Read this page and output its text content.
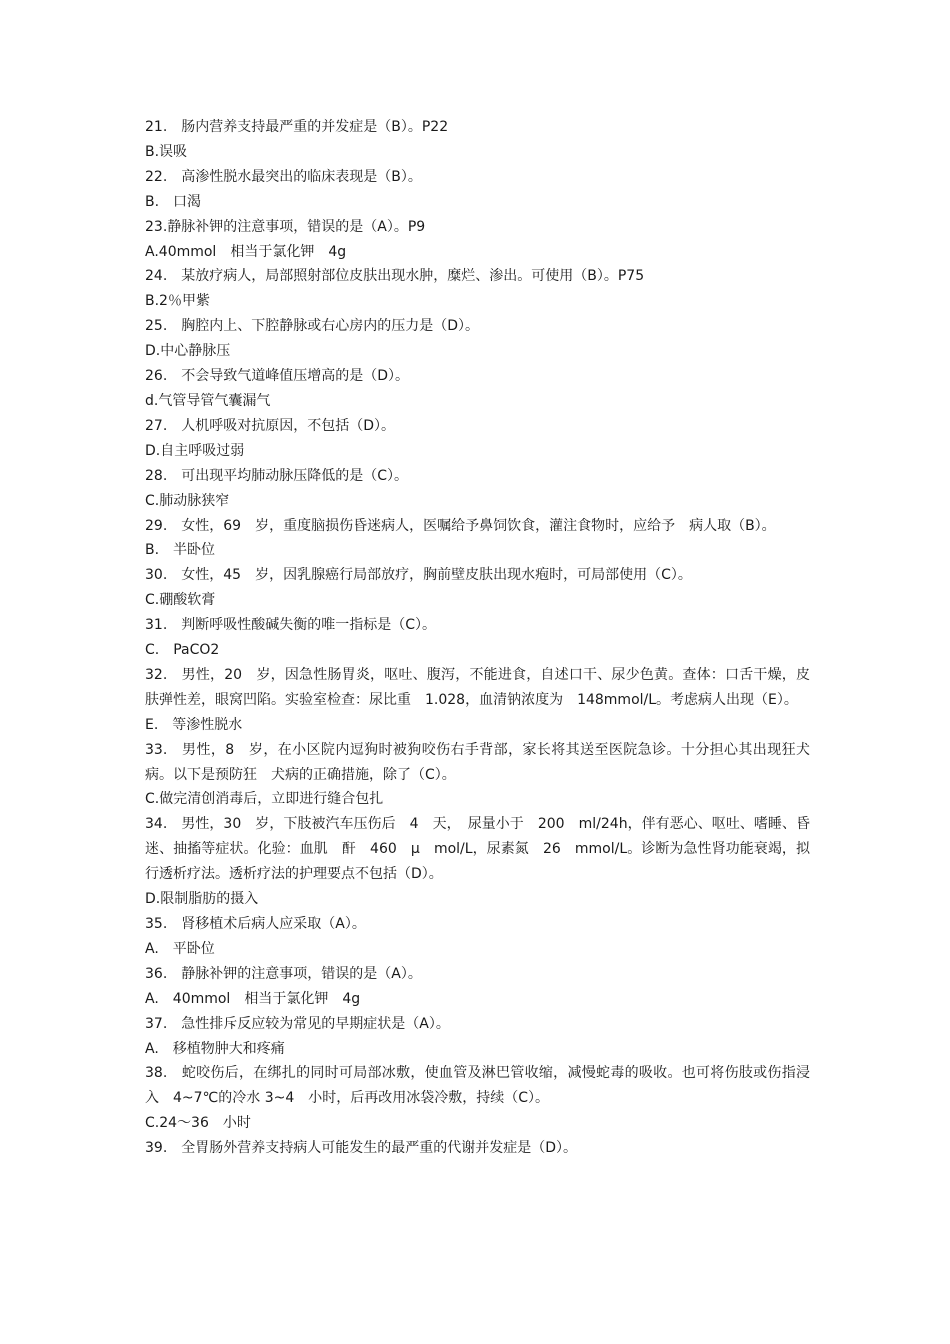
21.　肠内营养支持最严重的并发症是（B）。P22
B.误吸
22.　高渗性脱水最突出的临床表现是（B）。
B.　口渴
23.静脉补钾的注意事项，错误的是（A）。P9
A.40mmol　相当于氯化钾　4g
24.　某放疗病人，局部照射部位皮肤出现水肿，糜烂、渗出。可使用（B）。P75
B.2％甲紫
25.　胸腔内上、下腔静脉或右心房内的压力是（D）。
D.中心静脉压
26.　不会导致气道峰值压增高的是（D）。
d.气管导管气囊漏气
27.　人机呼吸对抗原因，不包括（D）。
D.自主呼吸过弱
28.　可出现平均肺动脉压降低的是（C）。
C.肺动脉狭窄
29.　女性，69　岁，重度脑损伤昏迷病人，医嘱给予鼻饲饮食，灌注食物时，应给予　病人取（B）。
B.　半卧位
30.　女性，45　岁，因乳腺癌行局部放疗，胸前壁皮肤出现水疱时，可局部使用（C）。
C.硼酸软膏
31.　判断呼吸性酸碱失衡的唯一指标是（C）。
C.　PaCO2
32.　男性，20　岁，因急性肠胃炎，呕吐、腹泻，不能进食，自述口干、尿少色黄。查体：口舌干燥，皮肤弹性差，眼窝凹陷。实验室检查：尿比重　1.028，血清钠浓度为　148mmol/L。考虑病人出现（E）。
E.　等渗性脱水
33.　男性，8　岁，在小区院内逗狗时被狗咬伤右手背部，家长将其送至医院急诊。十分担心其出现狂犬病。以下是预防狂　犬病的正确措施，除了（C）。
C.做完清创消毒后，立即进行缝合包扎
34.　男性，30　岁，下肢被汽车压伤后　4　天，　尿量小于　200　ml/24h，伴有恶心、呕吐、嗜睡、昏迷、抽搐等症状。化验：血肌　酐　460　μ　mol/L，尿素氮　26　mmol/L。诊断为急性肾功能衰竭，拟行透析疗法。透析疗法的护理要点不包括（D）。
D.限制脂肪的摄入
35.　肾移植术后病人应采取（A）。
A.　平卧位
36.　静脉补钾的注意事项，错误的是（A）。
A.　40mmol　相当于氯化钾　4g
37.　急性排斥反应较为常见的早期症状是（A）。
A.　移植物肿大和疼痛
38.　蛇咬伤后，在绑扎的同时可局部冰敷，使血管及淋巴管收缩，减慢蛇毒的吸收。也可将伤肢或伤指浸入　4~7℃的冷水 3~4　小时，后再改用冰袋冷敷，持续（C）。
C.24～36　小时
39.　全胃肠外营养支持病人可能发生的最严重的代谢并发症是（D）。
